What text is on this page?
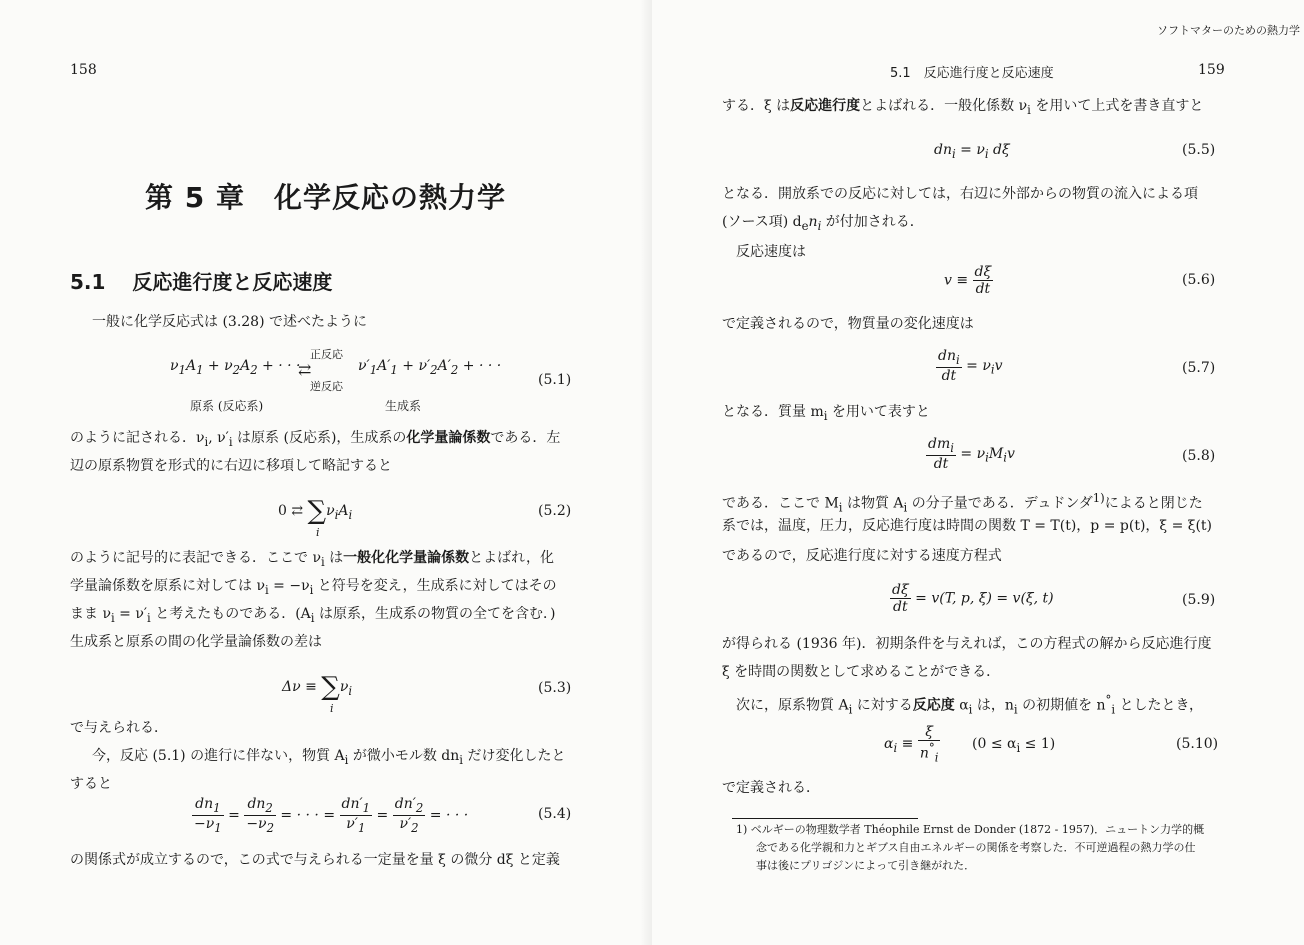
158
第 5 章　化学反応の熱力学
5.1　 反応進行度と反応速度
一般に化学反応式は (3.28) で述べたように
$\nu_1A_1 + \nu_2A_2$ + · · ·
正反応
⇄
逆反応
$\nu'_1A'_1 + \nu'_2A'_2$ + · · ·
(5.1)
原系 (反応系)	生成系
のように記される．$\nu_i$, $\nu'_i$ は原系 (反応系)，生成系の化学量論係数である．左
辺の原系物質を形式的に右辺に移項して略記すると
0 ⇄ $\sum\nu_iA_i$
i
(5.2)
のように記号的に表記できる．ここで $\nu_i$ は一般化化学量論係数とよばれ，化
学量論係数を原系に対しては $\nu_i = -\nu_i$ と符号を変え，生成系に対してはその
まま $\nu_i = \nu'_i$ と考えたものである．($A_i$ は原系，生成系の物質の全てを含む．)
生成系と原系の間の化学量論係数の差は
$\Delta\nu \equiv \sum\nu_i$
i
(5.3)
で与えられる．
今，反応 (5.1) の進行に伴ない，物質 $A_i$ が微小モル数 $dn_i$ だけ変化したと
すると
$\frac{dn_1}{-\nu_1} = \frac{dn_2}{-\nu_2}$ = · · · = $\frac{dn'_1}{\nu'_1} = \frac{dn'_2}{\nu'_2}$ = · · ·	(5.4)
の関係式が成立するので，この式で与えられる一定量を量 ξ の微分 dξ と定義
ソフトマターのための熱力学
5.1　反応進行度と反応速度	159
する．ξ は反応進行度とよばれる．一般化係数 $\nu_i$ を用いて上式を書き直すと
$dn_i = \nu_i$ dξ	(5.5)
となる．開放系での反応に対しては，右辺に外部からの物質の流入による項
(ソース項) $d_en_i$ が付加される．
反応速度は
$v \equiv \frac{d\xi}{dt}$	(5.6)
で定義されるので，物質量の変化速度は
$\frac{dn_i}{dt} = \nu_iv$	(5.7)
となる．質量 $m_i$ を用いて表すと
$\frac{dm_i}{dt} = \nu_iM_iv$	(5.8)
である．ここで $M_i$ は物質 $A_i$ の分子量である．デュドンダ$^{1)}$によると閉じた
系では，温度，圧力，反応進行度は時間の関数 T = T(t)，p = p(t)，ξ = ξ(t)
であるので，反応進行度に対する速度方程式
$\frac{d\xi}{dt} = v(T$, p, ξ) = v(ξ, t)	(5.9)
が得られる (1936 年)．初期条件を与えれば，この方程式の解から反応進行度
ξ を時間の関数として求めることができる．
次に，原系物質 $A_i$ に対する反応度 $\alpha_i$ は，$n_i$ の初期値を $n^\circ_i$ としたとき，
$\alpha_i \equiv \frac{\xi}{n^\circ_i} (0 \le \alpha_i \le 1)$	(5.10)
で定義される．
1) ベルギーの物理数学者 Théophile Ernst de Donder (1872 - 1957)．ニュートン力学的概
念である化学親和力とギブス自由エネルギーの関係を考察した．不可逆過程の熱力学の仕
事は後にプリゴジンによって引き継がれた．
